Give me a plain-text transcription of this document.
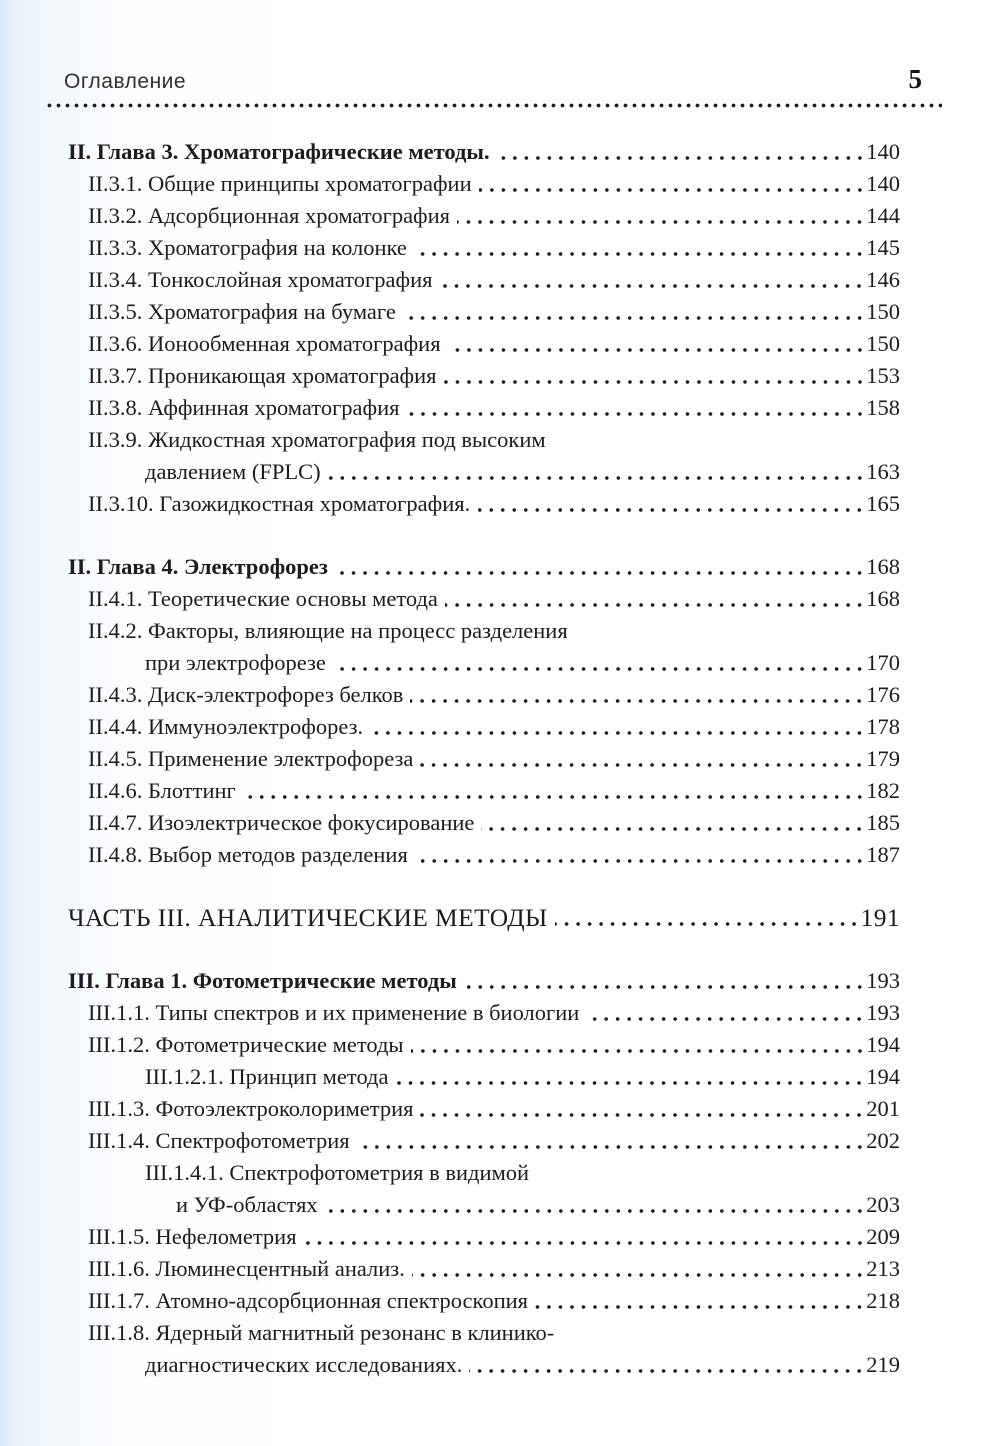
Оглавление	5
II. Глава 3. Хроматографические методы.	140
II.3.1. Общие принципы хроматографии	140
II.3.2. Адсорбционная хроматография	144
II.3.3. Хроматография на колонке	145
II.3.4. Тонкослойная хроматография	146
II.3.5. Хроматография на бумаге	150
II.3.6. Ионообменная хроматография	150
II.3.7. Проникающая хроматография	153
II.3.8. Аффинная хроматография	158
II.3.9. Жидкостная хроматография под высоким
давлением (FPLC)	163
II.3.10. Газожидкостная хроматография.	165
II. Глава 4. Электрофорез	168
II.4.1. Теоретические основы метода	168
II.4.2. Факторы, влияющие на процесс разделения
при электрофорезе	170
II.4.3. Диск-электрофорез белков	176
II.4.4. Иммуноэлектрофорез.	178
II.4.5. Применение электрофореза	179
II.4.6. Блоттинг	182
II.4.7. Изоэлектрическое фокусирование	185
II.4.8. Выбор методов разделения	187
ЧАСТЬ III. АНАЛИТИЧЕСКИЕ МЕТОДЫ	191
III. Глава 1. Фотометрические методы	193
III.1.1. Типы спектров и их применение в биологии	193
III.1.2. Фотометрические методы	194
III.1.2.1. Принцип метода	194
III.1.3. Фотоэлектроколориметрия	201
III.1.4. Спектрофотометрия	202
III.1.4.1. Спектрофотометрия в видимой
и УФ-областях	203
III.1.5. Нефелометрия	209
III.1.6. Люминесцентный анализ.	213
III.1.7. Атомно-адсорбционная спектроскопия	218
III.1.8. Ядерный магнитный резонанс в клинико-
диагностических исследованиях.	219
